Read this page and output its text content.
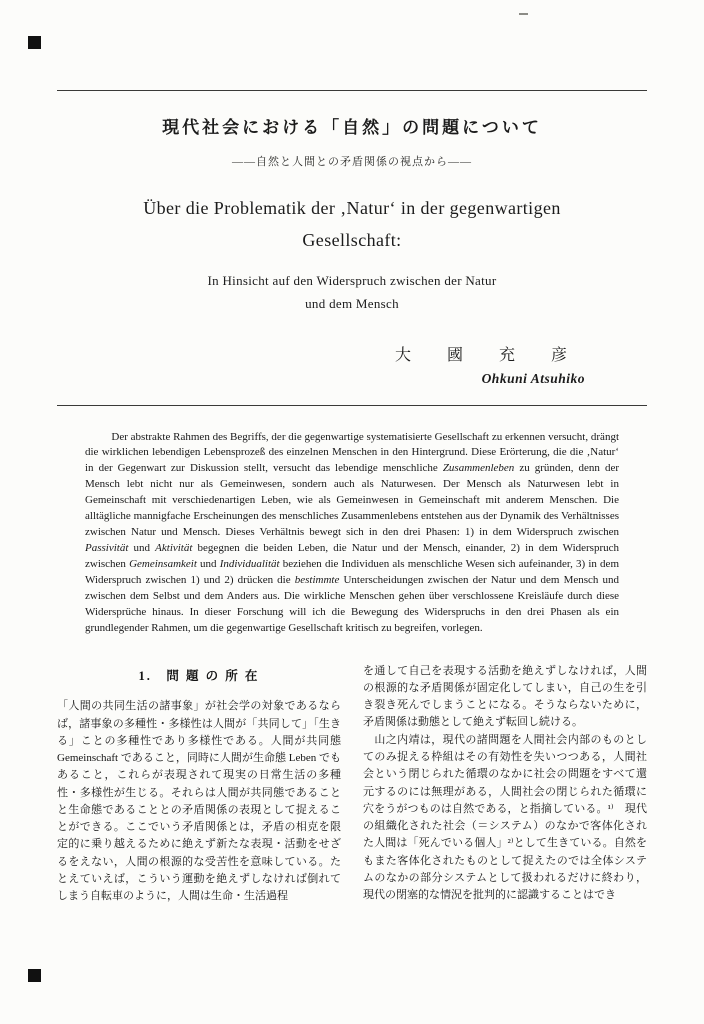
現代社会における「自然」の問題について
――自然と人間との矛盾関係の視点から――
Über die Problematik der ‚Natur‘ in der gegenwartigen
Gesellschaft:
In Hinsicht auf den Widerspruch zwischen der Natur
und dem Mensch
大　國　充　彦
Ohkuni Atsuhiko
Der abstrakte Rahmen des Begriffs, der die gegenwartige systematisierte Gesellschaft zu erkennen versucht, drängt die wirklichen lebendigen Lebensprozeß des einzelnen Menschen in den Hintergrund. Diese Erörterung, die die ‚Natur‘ in der Gegenwart zur Diskussion stellt, versucht das lebendige menschliche Zusammenleben zu gründen, denn der Mensch lebt nicht nur als Gemeinwesen, sondern auch als Naturwesen. Der Mensch als Naturwesen lebt in Gemeinschaft mit verschiedenartigen Leben, wie als Gemeinwesen in Gemeinschaft mit anderem Menschen. Die alltägliche mannigfache Erscheinungen des menschliches Zusammenlebens entstehen aus der Dynamik des Verhältnisses zwischen Natur und Mensch. Dieses Verhältnis bewegt sich in den drei Phasen: 1) in dem Widerspruch zwischen Passivität und Aktivität begegnen die beiden Leben, die Natur und der Mensch, einander, 2) in dem Widerspruch zwischen Gemeinsamkeit und Individualität beziehen die Individuen als menschliche Wesen sich aufeinander, 3) in dem Widerspruch zwischen 1) und 2) drücken die bestimmte Unterscheidungen zwischen der Natur und dem Mensch und zwischen dem Selbst und dem Anders aus. Die wirkliche Menschen gehen über verschlossene Kreisläufe durch diese Widersprüche hinaus. In dieser Forschung will ich die Bewegung des Widerspruchs in den drei Phasen als ein grundlegender Rahmen, um die gegenwartige Gesellschaft kritisch zu begreifen, vorlegen.
1.　問 題 の 所 在

「人間の共同生活の諸事象」が社会学の対象であるならば，諸事象の多種性・多様性は人間が「共同して」「生きる」ことの多種性であり多様性である。人間が共同態 Gemeinschaft であること，同時に人間が生命態 Leben でもあること，これらが表現されて現実の日常生活の多種性・多様性が生じる。それらは人間が共同態であることと生命態であることとの矛盾関係の表現として捉えることができる。ここでいう矛盾関係とは，矛盾の相克を限定的に乗り越えるために絶えず新たな表現・活動をせざるをえない，人間の根源的な受苦性を意味している。たとえていえば，こういう運動を絶えずしなければ倒れてしまう自転車のように，人間は生命・生活過程

を通して自己を表現する活動を絶えずしなければ，人間の根源的な矛盾関係が固定化してしまい，自己の生を引き裂き死んでしまうことになる。そうならないために，矛盾関係は動態として絶えず転回し続ける。

　山之内靖は，現代の諸問題を人間社会内部のものとしてのみ捉える枠組はその有効性を失いつつある，人間社会という閉じられた循環のなかに社会の問題をすべて還元するのには無理がある，人間社会の閉じられた循環に穴をうがつものは自然である，と指摘している。¹⁾　現代の組織化された社会（＝システム）のなかで客体化された人間は「死んでいる個人」²⁾として生きている。自然をもまた客体化されたものとして捉えたのでは全体システムのなかの部分システムとして扱われるだけに終わり，現代の閉塞的な情況を批判的に認識することはでき
